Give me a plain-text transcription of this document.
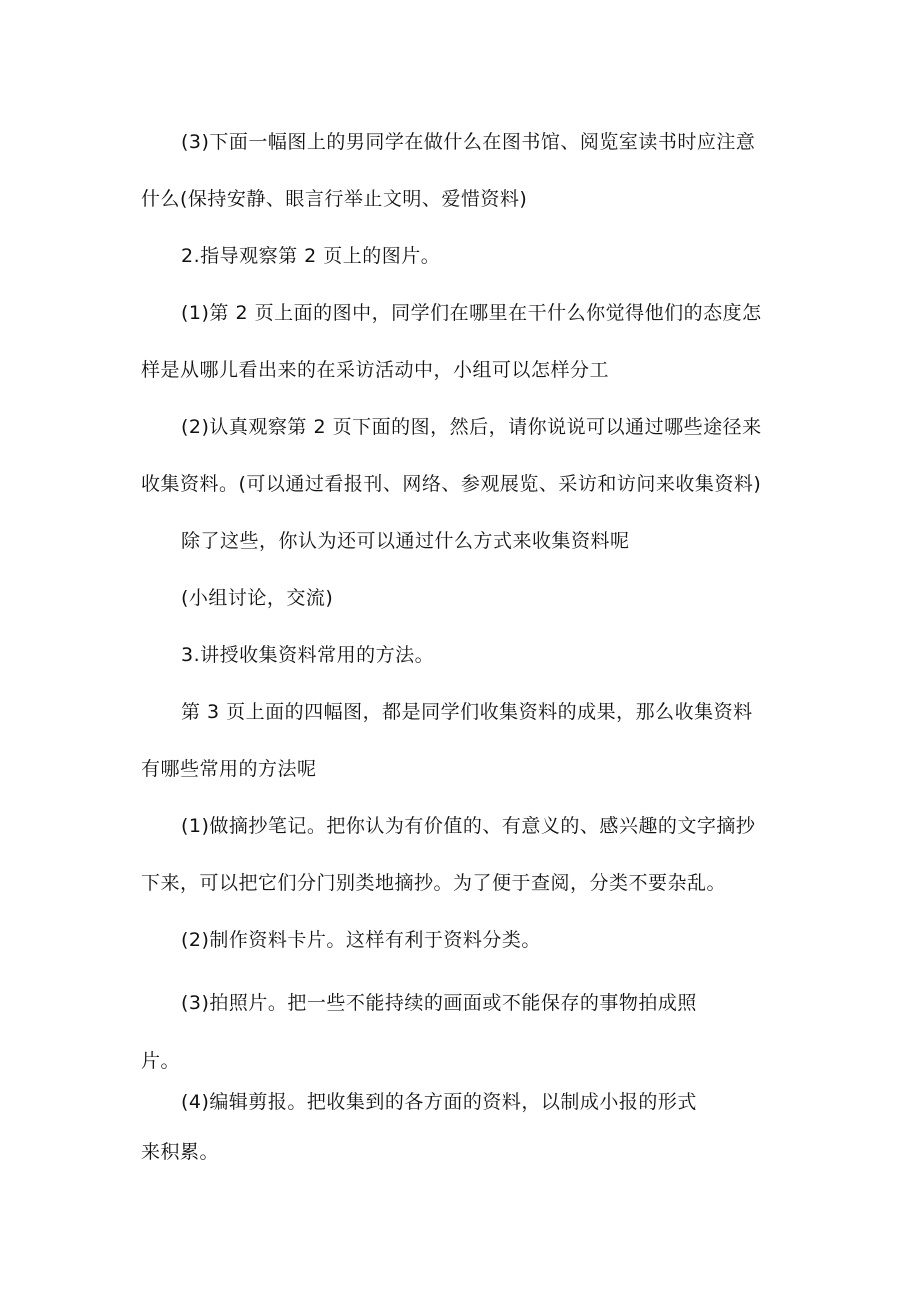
(3)下面一幅图上的男同学在做什么在图书馆、阅览室读书时应注意
什么(保持安静、眼言行举止文明、爱惜资料)
2.指导观察第 2 页上的图片。
(1)第 2 页上面的图中，同学们在哪里在干什么你觉得他们的态度怎
样是从哪儿看出来的在采访活动中，小组可以怎样分工
(2)认真观察第 2 页下面的图，然后，请你说说可以通过哪些途径来
收集资料。(可以通过看报刊、网络、参观展览、采访和访问来收集资料)
除了这些，你认为还可以通过什么方式来收集资料呢
(小组讨论，交流)
3.讲授收集资料常用的方法。
第 3 页上面的四幅图，都是同学们收集资料的成果，那么收集资料
有哪些常用的方法呢
(1)做摘抄笔记。把你认为有价值的、有意义的、感兴趣的文字摘抄
下来，可以把它们分门别类地摘抄。为了便于查阅，分类不要杂乱。
(2)制作资料卡片。这样有利于资料分类。
(3)拍照片。把一些不能持续的画面或不能保存的事物拍成照
片。
(4)编辑剪报。把收集到的各方面的资料，以制成小报的形式
来积累。
